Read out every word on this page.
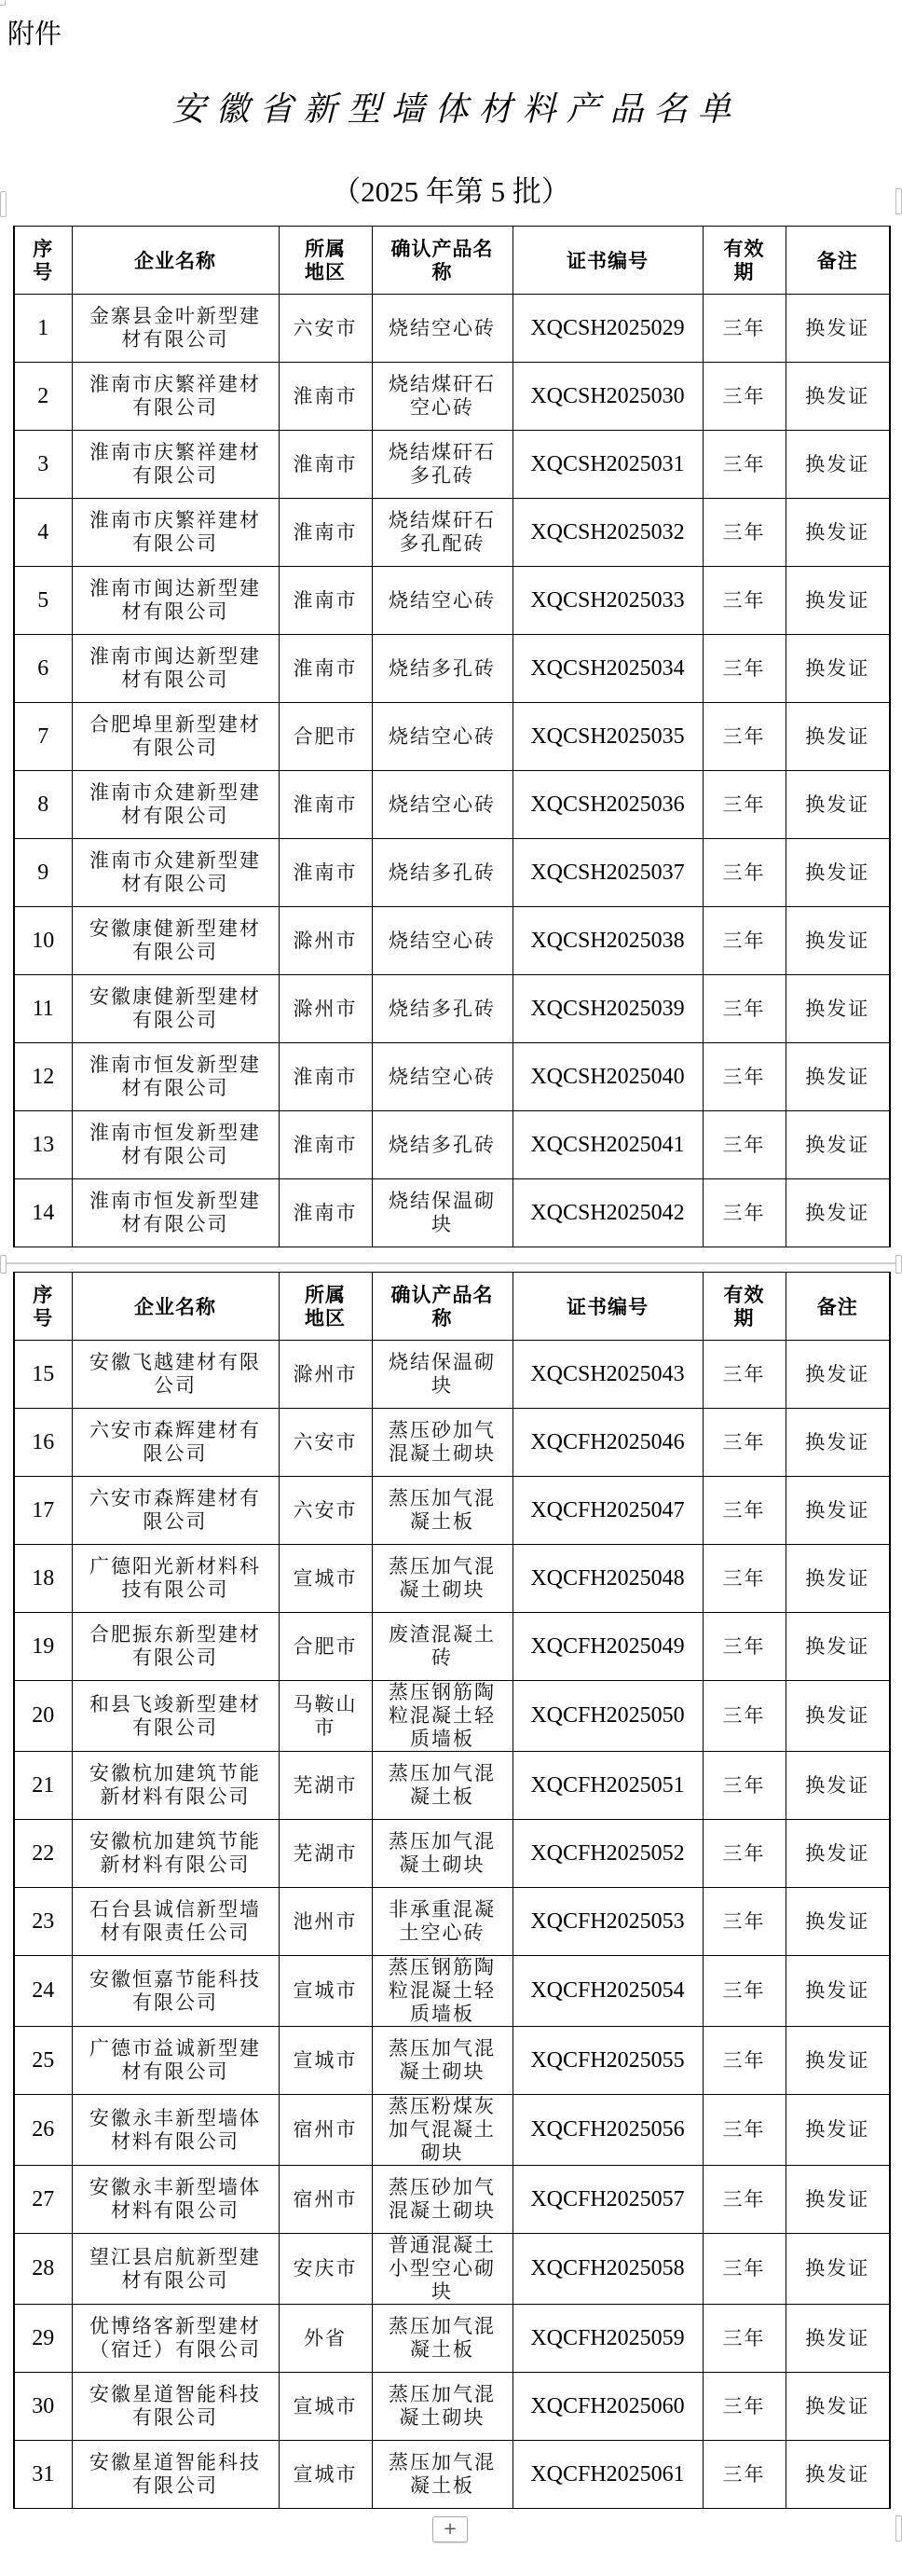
附件
安徽省新型墙体材料产品名单
（2025 年第 5 批）
序号	企业名称	所属地区	确认产品名称	证书编号	有效期	备注
1	金寨县金叶新型建材有限公司	六安市	烧结空心砖	XQCSH2025029	三年	换发证
2	淮南市庆繁祥建材有限公司	淮南市	烧结煤矸石空心砖	XQCSH2025030	三年	换发证
3	淮南市庆繁祥建材有限公司	淮南市	烧结煤矸石多孔砖	XQCSH2025031	三年	换发证
4	淮南市庆繁祥建材有限公司	淮南市	烧结煤矸石多孔配砖	XQCSH2025032	三年	换发证
5	淮南市闽达新型建材有限公司	淮南市	烧结空心砖	XQCSH2025033	三年	换发证
6	淮南市闽达新型建材有限公司	淮南市	烧结多孔砖	XQCSH2025034	三年	换发证
7	合肥埠里新型建材有限公司	合肥市	烧结空心砖	XQCSH2025035	三年	换发证
8	淮南市众建新型建材有限公司	淮南市	烧结空心砖	XQCSH2025036	三年	换发证
9	淮南市众建新型建材有限公司	淮南市	烧结多孔砖	XQCSH2025037	三年	换发证
10	安徽康健新型建材有限公司	滁州市	烧结空心砖	XQCSH2025038	三年	换发证
11	安徽康健新型建材有限公司	滁州市	烧结多孔砖	XQCSH2025039	三年	换发证
12	淮南市恒发新型建材有限公司	淮南市	烧结空心砖	XQCSH2025040	三年	换发证
13	淮南市恒发新型建材有限公司	淮南市	烧结多孔砖	XQCSH2025041	三年	换发证
14	淮南市恒发新型建材有限公司	淮南市	烧结保温砌块	XQCSH2025042	三年	换发证
序号	企业名称	所属地区	确认产品名称	证书编号	有效期	备注
15	安徽飞越建材有限公司	滁州市	烧结保温砌块	XQCSH2025043	三年	换发证
16	六安市森辉建材有限公司	六安市	蒸压砂加气混凝土砌块	XQCFH2025046	三年	换发证
17	六安市森辉建材有限公司	六安市	蒸压加气混凝土板	XQCFH2025047	三年	换发证
18	广德阳光新材料科技有限公司	宣城市	蒸压加气混凝土砌块	XQCFH2025048	三年	换发证
19	合肥振东新型建材有限公司	合肥市	废渣混凝土砖	XQCFH2025049	三年	换发证
20	和县飞竣新型建材有限公司	马鞍山市	蒸压钢筋陶粒混凝土轻质墙板	XQCFH2025050	三年	换发证
21	安徽杭加建筑节能新材料有限公司	芜湖市	蒸压加气混凝土板	XQCFH2025051	三年	换发证
22	安徽杭加建筑节能新材料有限公司	芜湖市	蒸压加气混凝土砌块	XQCFH2025052	三年	换发证
23	石台县诚信新型墙材有限责任公司	池州市	非承重混凝土空心砖	XQCFH2025053	三年	换发证
24	安徽恒嘉节能科技有限公司	宣城市	蒸压钢筋陶粒混凝土轻质墙板	XQCFH2025054	三年	换发证
25	广德市益诚新型建材有限公司	宣城市	蒸压加气混凝土砌块	XQCFH2025055	三年	换发证
26	安徽永丰新型墙体材料有限公司	宿州市	蒸压粉煤灰加气混凝土砌块	XQCFH2025056	三年	换发证
27	安徽永丰新型墙体材料有限公司	宿州市	蒸压砂加气混凝土砌块	XQCFH2025057	三年	换发证
28	望江县启航新型建材有限公司	安庆市	普通混凝土小型空心砌块	XQCFH2025058	三年	换发证
29	优博络客新型建材（宿迁）有限公司	外省	蒸压加气混凝土板	XQCFH2025059	三年	换发证
30	安徽星道智能科技有限公司	宣城市	蒸压加气混凝土砌块	XQCFH2025060	三年	换发证
31	安徽星道智能科技有限公司	宣城市	蒸压加气混凝土板	XQCFH2025061	三年	换发证
+
